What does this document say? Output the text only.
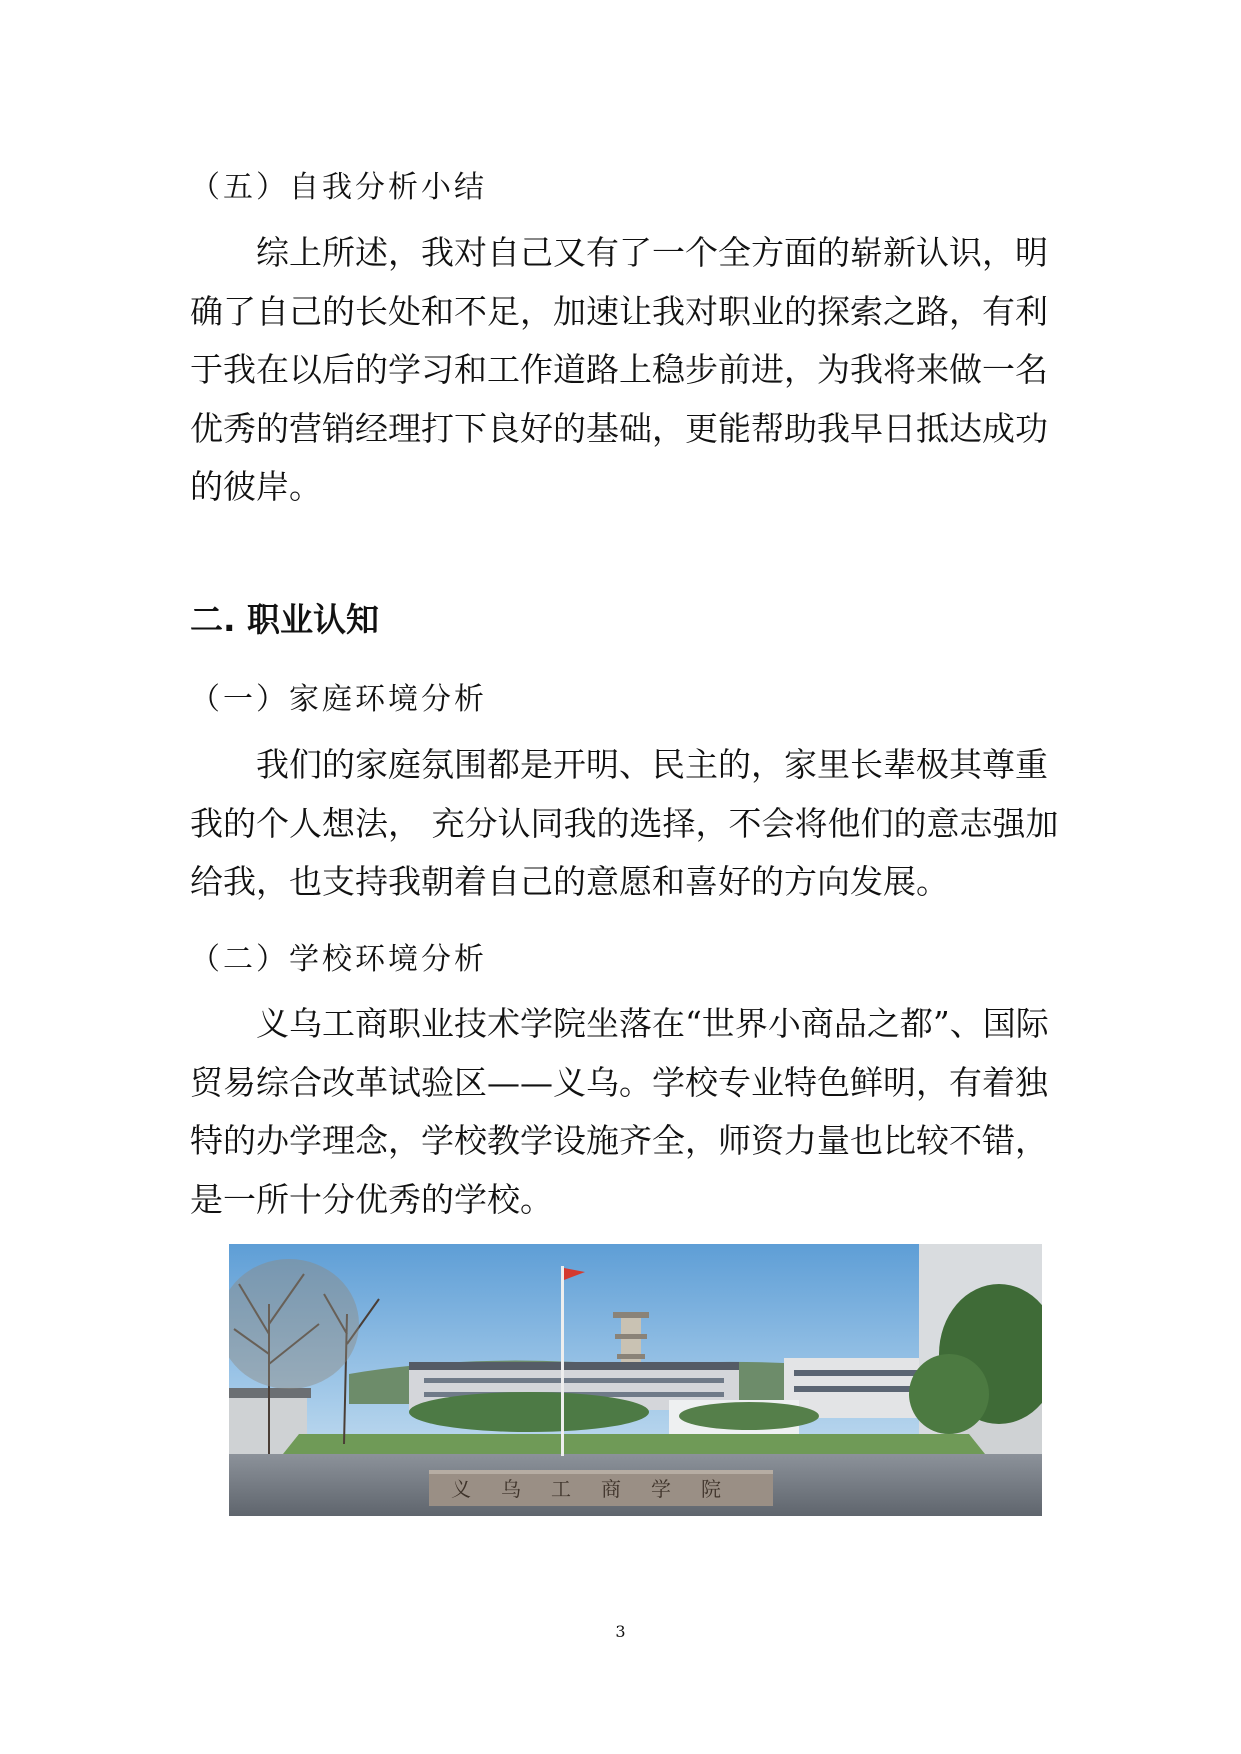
（五）自我分析小结

综上所述，我对自己又有了一个全方面的崭新认识，明确了自己的长处和不足，加速让我对职业的探索之路，有利于我在以后的学习和工作道路上稳步前进，为我将来做一名优秀的营销经理打下良好的基础，更能帮助我早日抵达成功的彼岸。

二. 职业认知

（一）家庭环境分析

我们的家庭氛围都是开明、民主的，家里长辈极其尊重我的个人想法， 充分认同我的选择，不会将他们的意志强加给我，也支持我朝着自己的意愿和喜好的方向发展。

（二）学校环境分析

义乌工商职业技术学院坐落在“世界小商品之都”、国际贸易综合改革试验区——义乌。学校专业特色鲜明，有着独特的办学理念，学校教学设施齐全，师资力量也比较不错，是一所十分优秀的学校。

义乌工商学院
3
